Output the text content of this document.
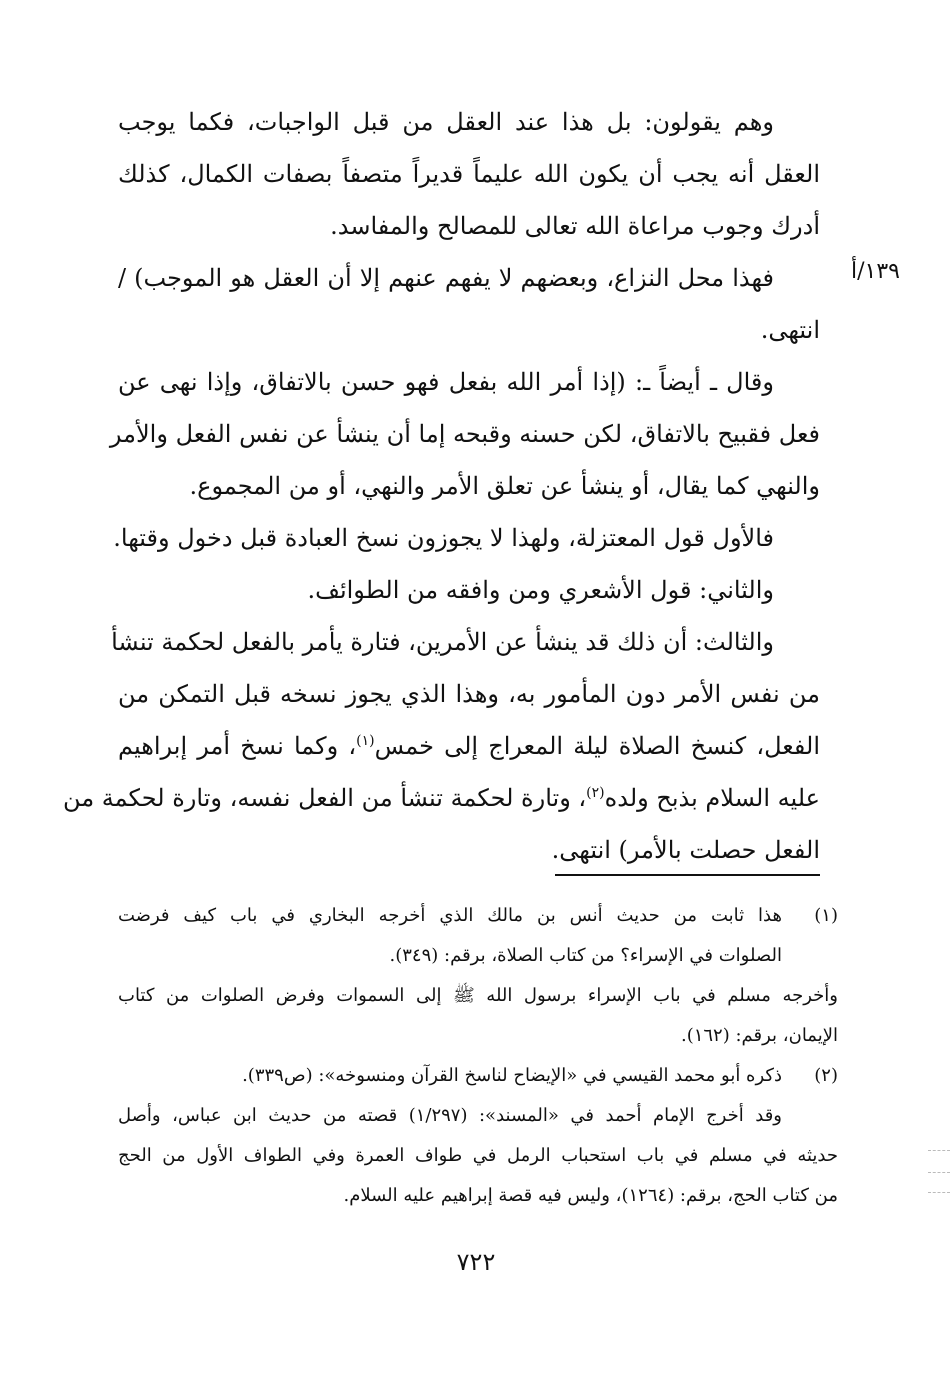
١٣٩/أ
وهم يقولون: بل هذا عند العقل من قبل الواجبات، فكما يوجب
العقل أنه يجب أن يكون الله عليماً قديراً متصفاً بصفات الكمال، كذلك
أدرك وجوب مراعاة الله تعالى للمصالح والمفاسد.
فهذا محل النزاع، وبعضهم لا يفهم عنهم إلا أن العقل هو الموجب) /
انتهى.
وقال ـ أيضاً ـ: (إذا أمر الله بفعل فهو حسن بالاتفاق، وإذا نهى عن
فعل فقبيح بالاتفاق، لكن حسنه وقبحه إما أن ينشأ عن نفس الفعل والأمر
والنهي كما يقال، أو ينشأ عن تعلق الأمر والنهي، أو من المجموع.
فالأول قول المعتزلة، ولهذا لا يجوزون نسخ العبادة قبل دخول وقتها.
والثاني: قول الأشعري ومن وافقه من الطوائف.
والثالث: أن ذلك قد ينشأ عن الأمرين، فتارة يأمر بالفعل لحكمة تنشأ
من نفس الأمر دون المأمور به، وهذا الذي يجوز نسخه قبل التمكن من
الفعل، كنسخ الصلاة ليلة المعراج إلى خمس$^{(١)}$، وكما نسخ أمر إبراهيم
عليه السلام بذبح ولده$^{(٢)}$، وتارة لحكمة تنشأ من الفعل نفسه، وتارة لحكمة من
الفعل حصلت بالأمر) انتهى.
(١)هذا ثابت من حديث أنس بن مالك الذي أخرجه البخاري في باب كيف فرضت
الصلوات في الإسراء؟ من كتاب الصلاة، برقم: (٣٤٩).
وأخرجه مسلم في باب الإسراء برسول الله ﷺ إلى السموات وفرض الصلوات من كتاب
الإيمان، برقم: (١٦٢).
(٢)ذكره أبو محمد القيسي في «الإيضاح لناسخ القرآن ومنسوخه»: (ص٣٣٩).
وقد أخرج الإمام أحمد في «المسند»: (١/٢٩٧) قصته من حديث ابن عباس، وأصل
حديثه في مسلم في باب استحباب الرمل في طواف العمرة وفي الطواف الأول من الحج
من كتاب الحج، برقم: (١٢٦٤)، وليس فيه قصة إبراهيم عليه السلام.
٧٢٢
